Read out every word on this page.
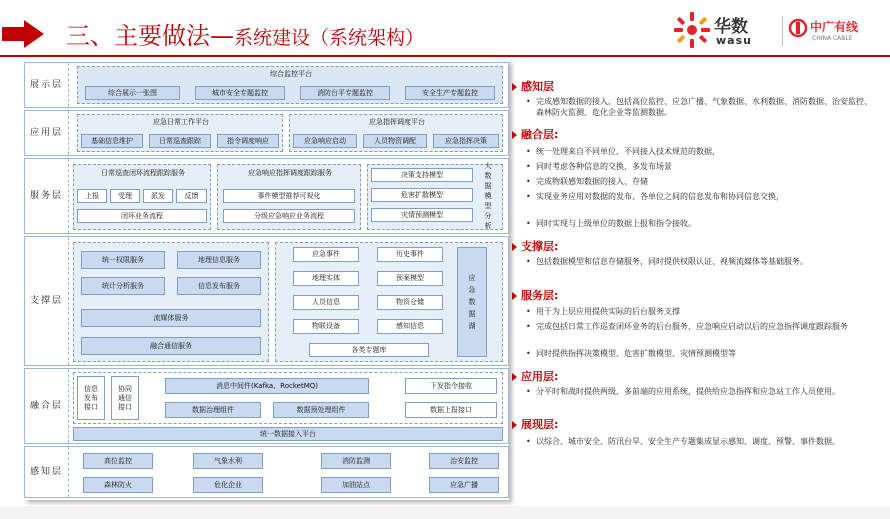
三、主要做法—系统建设（系统架构）	华数
wasu
中广有线
CHINA CABLE
展示层
综合监控平台
综合展示一张图	城市安全专题监控	消防台平专题监控	安全生产专题监控
应用层
应急日常工作平台
基础信息维护	日常巡查跟踪	指令调度响应
应急指挥调度平台
应急响应启动	人员物资调配	应急指挥决策
服务层
日常巡查闭环流程跟踪服务
上报	受理	派发	反馈
闭环业务流程
应急响应指挥调度跟踪服务
事件模型推荐可视化
分级应急响应业务流程
决策支持模型
危害扩散模型
灾情预测模型
大数据模型分析
支撑层
统一权限服务	地理信息服务
统计分析服务	信息发布服务
流媒体服务
融合通信服务
应急事件	历史事件
地理实体	预案模型
人员信息	物资仓储
物联设备	感知信息
各类专题库
应急数据湖
融合层
信息发布接口
协同通信接口
消息中间件(Kafka、RocketMQ)
数据治理组件	数据预处理组件
下发指令接收
数据上报接口
统一数据接入平台
感知层
高位监控	气象水利	消防监测	治安监控
森林防火	危化企业	加油站点	应急广播
感知层
• 完成感知数据的接入，包括高位监控、应急广播、气象数据、水利数据、消防数据、治安监控、森林防火监测、危化企业等监测数据。
融合层:
• 统一处理来自不同单位、不同接入技术规范的数据，
• 同时考虑各种信息的交换、多发布场景
• 完成物联感知数据的接入、存储
• 实现业务应用对数据的发布、各单位之间的信息发布和协同信息交换，
• 同时实现与上级单位的数据上报和指令接收。
支撑层:
• 包括数据模型和信息存储服务，同时提供权限认证、视频流媒体等基础服务。
服务层:
• 用于为上层应用提供实际的后台服务支撑
• 完成包括日常工作巡查闭环业务的后台服务、应急响应启动以后的应急指挥调度跟踪服务
• 同时提供指挥决策模型、危害扩散模型、灾情预测模型等
应用层:
• 分平时和战时提供两级、多前端的应用系统，提供给应急指挥和应急站工作人员使用。
展现层:
• 以综合、城市安全、防汛台旱、安全生产专题集成显示感知、调度、预警、事件数据。
